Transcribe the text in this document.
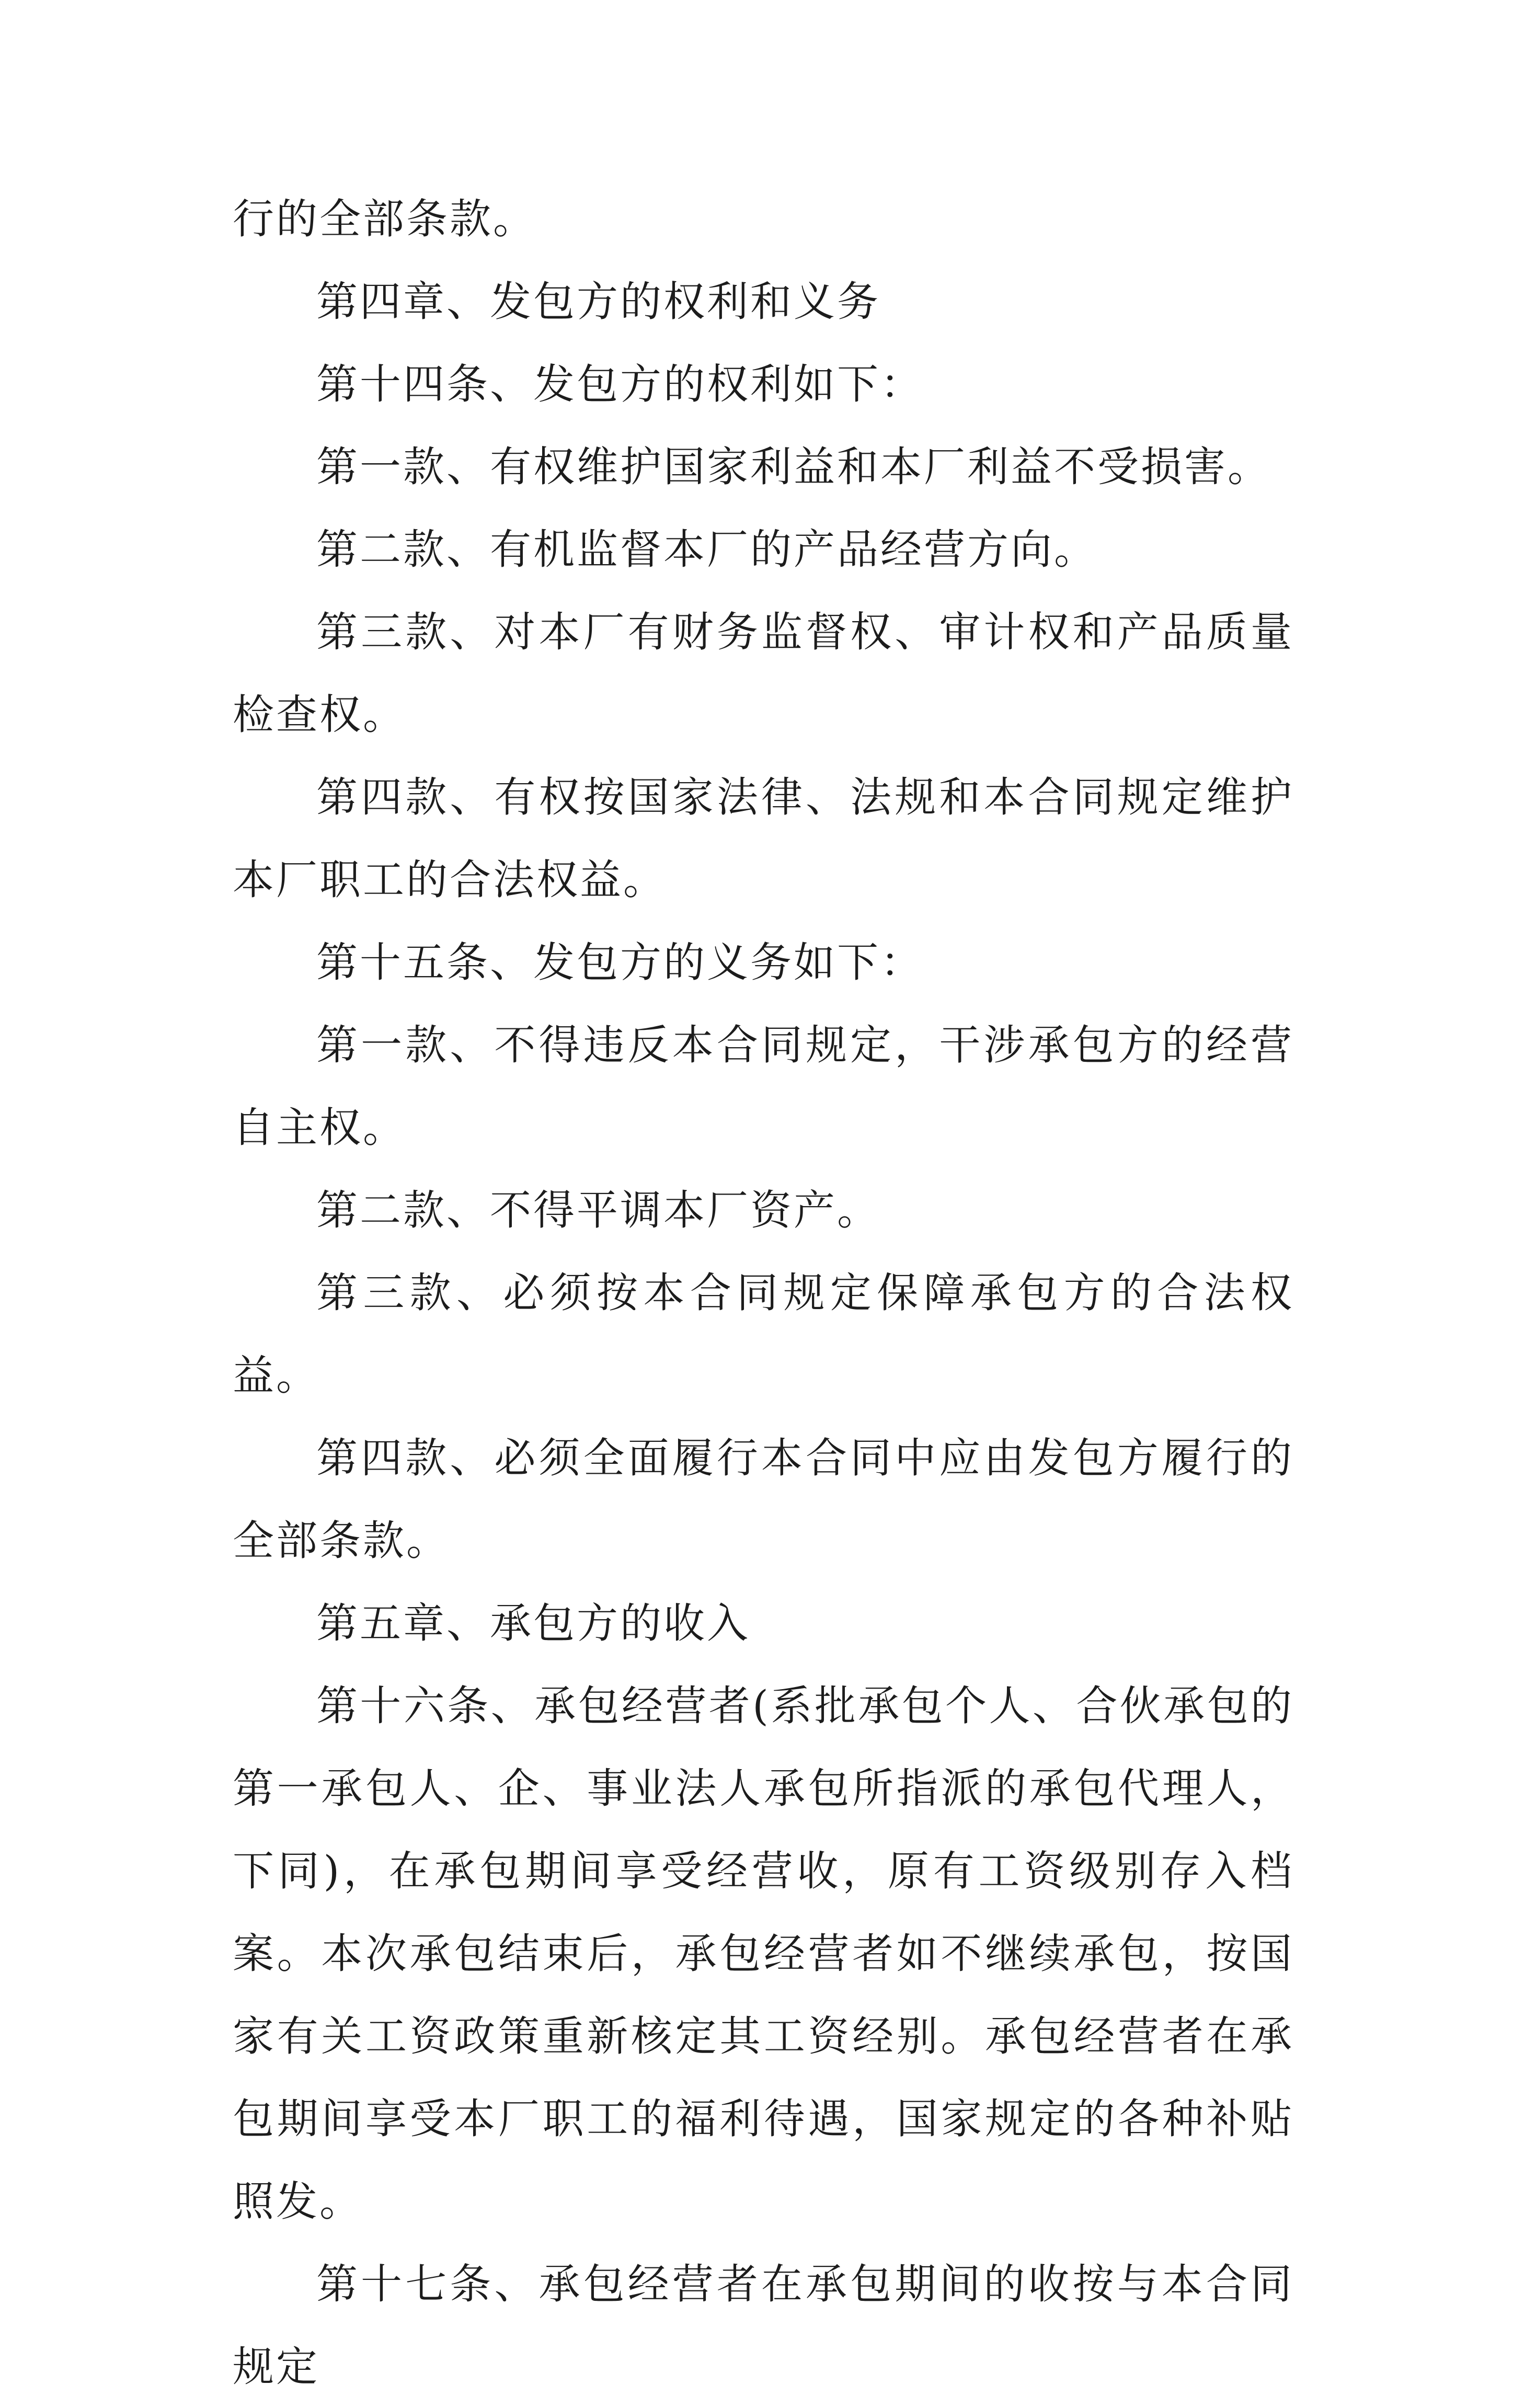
行的全部条款。

第四章、发包方的权利和义务

第十四条、发包方的权利如下：

第一款、有权维护国家利益和本厂利益不受损害。

第二款、有机监督本厂的产品经营方向。

第三款、对本厂有财务监督权、审计权和产品质量检查权。

第四款、有权按国家法律、法规和本合同规定维护本厂职工的合法权益。

第十五条、发包方的义务如下：

第一款、不得违反本合同规定，干涉承包方的经营自主权。

第二款、不得平调本厂资产。

第三款、必须按本合同规定保障承包方的合法权益。

第四款、必须全面履行本合同中应由发包方履行的全部条款。

第五章、承包方的收入

第十六条、承包经营者(系批承包个人、合伙承包的第一承包人、企、事业法人承包所指派的承包代理人，下同)，在承包期间享受经营收，原有工资级别存入档案。本次承包结束后，承包经营者如不继续承包，按国家有关工资政策重新核定其工资经别。承包经营者在承包期间享受本厂职工的福利待遇，国家规定的各种补贴照发。

第十七条、承包经营者在承包期间的收按与本合同规定
